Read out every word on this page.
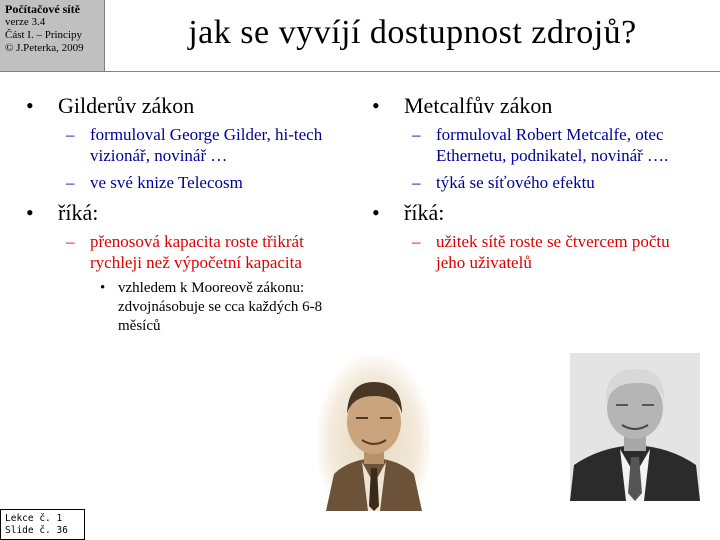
Počítačové sítě
verze 3.4
Část I. – Principy
© J.Peterka, 2009	jak se vyvíjí dostupnost zdrojů?
• Gilderův zákon
– formuloval George Gilder, hi-tech vizionář, novinář …
– ve své knize Telecosm
• říká:
– přenosová kapacita roste třikrát rychleji než výpočetní kapacita
• vzhledem k Mooreově zákonu: zdvojnásobuje se cca každých 6-8 měsíců
• Metcalfův zákon
– formuloval Robert Metcalfe, otec Ethernetu, podnikatel, novinář ….
– týká se síťového efektu
• říká:
– užitek sítě roste se čtvercem počtu jeho uživatelů
Lekce č. 1
Slide č. 36
